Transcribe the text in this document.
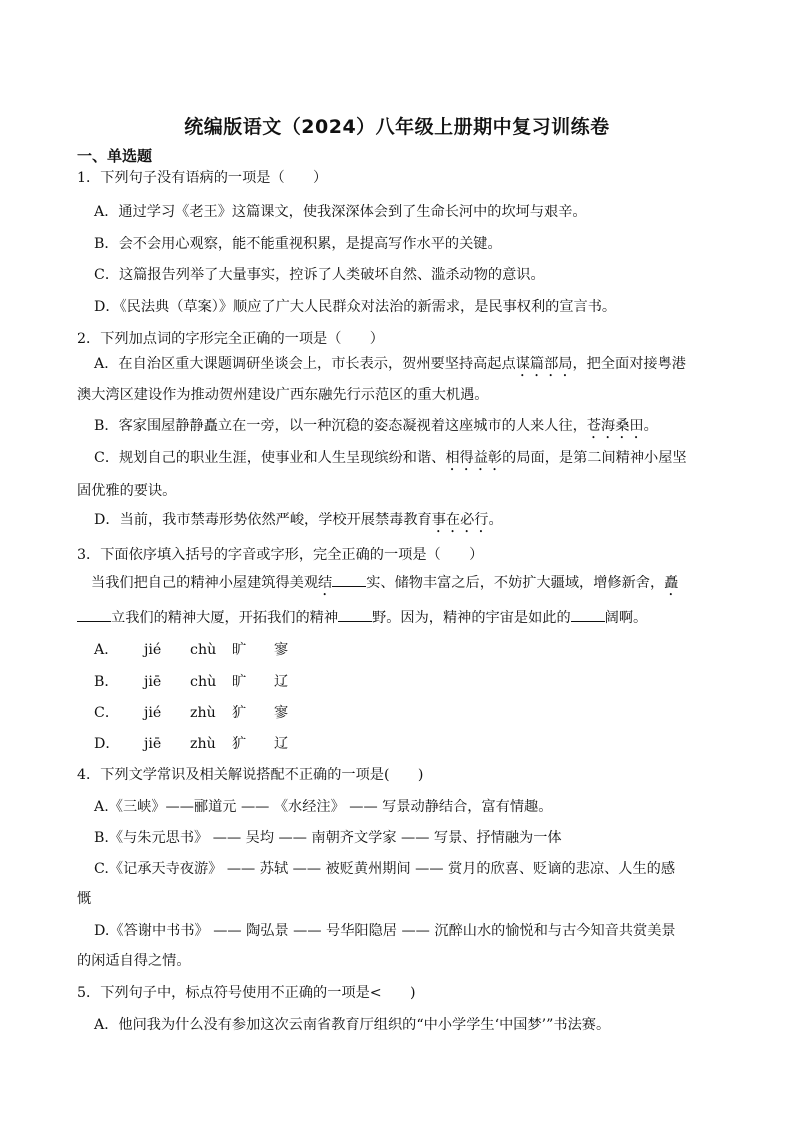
统编版语文（2024）八年级上册期中复习训练卷
一、单选题
1．下列句子没有语病的一项是（　　）
A．通过学习《老王》这篇课文，使我深深体会到了生命长河中的坎坷与艰辛。
B．会不会用心观察，能不能重视积累，是提高写作水平的关键。
C．这篇报告列举了大量事实，控诉了人类破坏自然、滥杀动物的意识。
D．《民法典（草案）》顺应了广大人民群众对法治的新需求，是民事权利的宣言书。
2．下列加点词的字形完全正确的一项是（　　）
A．在自治区重大课题调研坐谈会上，市长表示，贺州要坚持高起点谋篇部局，把全面对接粤港
澳大湾区建设作为推动贺州建设广西东融先行示范区的重大机遇。
B．客家围屋静静矗立在一旁，以一种沉稳的姿态凝视着这座城市的人来人往，苍海桑田。
C．规划自己的职业生涯，使事业和人生呈现缤纷和谐、相得益彰的局面，是第二间精神小屋坚
固优雅的要诀。
D．当前，我市禁毒形势依然严峻，学校开展禁毒教育事在必行。
3．下面依序填入括号的字音或字形，完全正确的一项是（　　）
当我们把自己的精神小屋建筑得美观结 实、储物丰富之后，不妨扩大疆域，增修新舍，矗
立我们的精神大厦，开拓我们的精神 野。因为，精神的宇宙是如此的 阔啊。
A． jié chù 旷 寥
B． jiē chù 旷 辽
C． jié zhù 犷 寥
D． jiē zhù 犷 辽
4．下列文学常识及相关解说搭配不正确的一项是(　　)
A.《三峡》——郦道元 —— 《水经注》 —— 写景动静结合，富有情趣。
B.《与朱元思书》 —— 吴均 —— 南朝齐文学家 —— 写景、抒情融为一体
C.《记承天寺夜游》 —— 苏轼 —— 被贬黄州期间 —— 赏月的欣喜、贬谪的悲凉、人生的感
慨
D.《答谢中书书》 —— 陶弘景 —— 号华阳隐居 —— 沉醉山水的愉悦和与古今知音共赏美景
的闲适自得之情。
5．下列句子中，标点符号使用不正确的一项是<　　)
A．他问我为什么没有参加这次云南省教育厅组织的“中小学学生‘中国梦’”书法赛。
